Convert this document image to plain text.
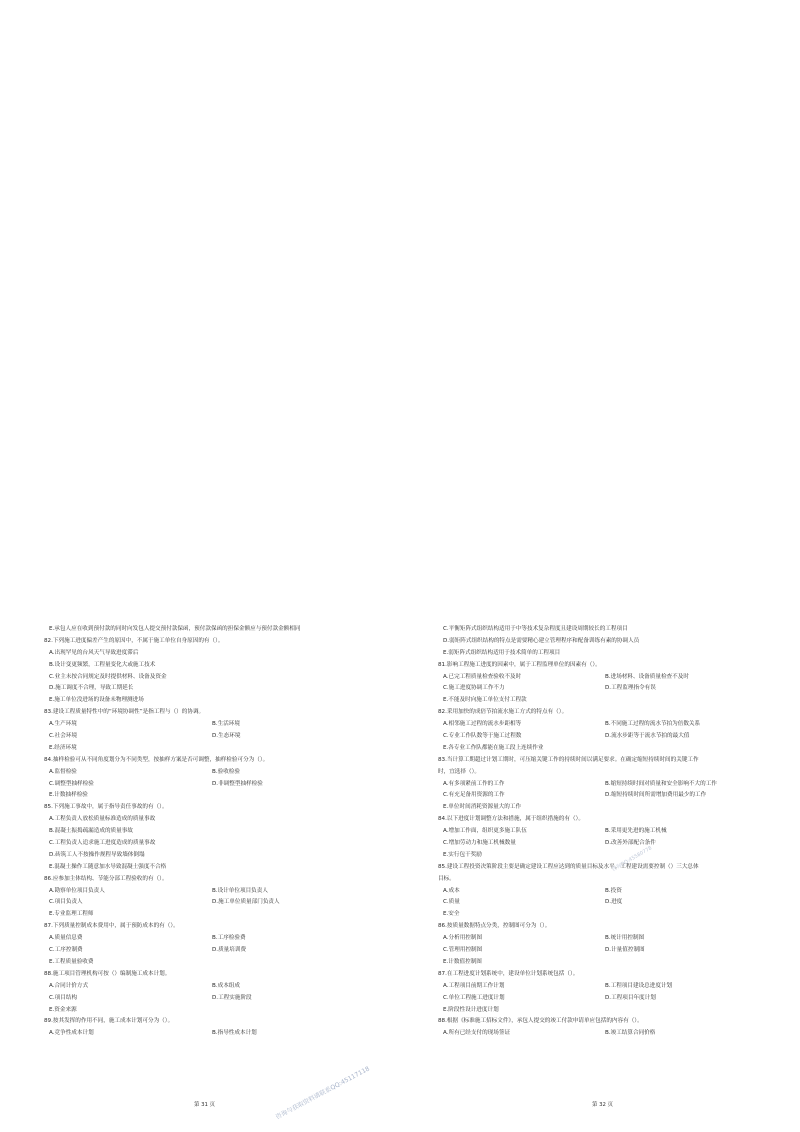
E.承包人应在收到预付款的同时向发包人提交预付款保函，预付款保函的担保金额应与预付款金额相同
82.下列施工进度偏差产生的原因中，不属于施工单位自身原因的有（）。
A.出现罕见的台风天气导致进度滞后
B.设计变更频繁，工程量变化大或施工技术
C.业主未按合同规定及时提供材料、设备及资金
D.施工调度不合理，导致工期延长
E.施工单位没进场的设备未物理测进场
83.建设工程质量特性中的“环境协调性”是指工程与（）的协调。
A.生产环境	B.生活环境
C.社会环境	D.生态环境
E.经济环境
84.抽样检验可从不同角度划分为不同类型，按抽样方案是否可调整，抽样检验可分为（）。
A.监督检验	B.验收检验
C.调整型抽样检验	D.非调整型抽样检验
E.计数抽样检验
85.下列施工事故中，属于指导责任事故的有（）。
A.工程负责人放松质量标准造成的质量事故
B.混凝土振捣疏漏造成的质量事故
C.工程负责人追求施工进度造成的质量事故
D.砖筑工人不按操作规程导致墙体倒塌
E.混凝土操作工随意加水导致混凝土强度不合格
86.应参加主体结构、节能分部工程验收的有（）。
A.勘察单位项目负责人	B.设计单位项目负责人
C.项目负责人	D.施工单位质量部门负责人
E.专业监理工程师
87.下列质量控制成本费用中，属于预防成本的有（）。
A.质量信息费	B.工序检验费
C.工序控制费	D.质量培训费
E.工程质量验收费
88.施工项目管理机构可按（）编制施工成本计划。
A.合同计价方式	B.成本组成
C.项目结构	D.工程实施阶段
E.资金来源
89.按其发挥的作用不同，施工成本计划可分为（）。
A.竞争性成本计划	B.指导性成本计划
C.平衡矩阵式组织结构适用于中等技术复杂程度且建设周期较长的工程项目
D.弱矩阵式组织结构的特点是需要精心建立管理程序和配备训练有素的协调人员
E.弱矩阵式组织结构适用于技术简单的工程项目
81.影响工程施工进度的因素中，属于工程监理单位的因素有（）。
A.已完工程质量检查验收不及时	B.进场材料、设备质量检查不及时
C.施工进度协调工作不力	D.工程监理指令有误
E.不能及时向施工单位支付工程款
82.采用加快的成倍节拍流水施工方式的特点有（）。
A.相邻施工过程的流水步距相等	B.不同施工过程的流水节拍为倍数关系
C.专业工作队数等于施工过程数	D.流水步距等于流水节拍的最大值
E.各专业工作队都能在施工段上连续作业
83.当计算工期超过计划工期时，可压缩关键工作的持续时间以满足要求。在确定缩短持续时间的关键工作
时，宜选择（）。
A.有多项紧前工作的工作	B.缩短持续时间对质量和安全影响不大的工作
C.有充足备用资源的工作	D.缩短持续时间所需增加费用最少的工作
E.单位时间消耗资源量大的工作
84.以下进度计划调整方法和措施，属于组织措施的有（）。
A.增加工作面，组织更多施工队伍	B.采用更先进的施工机械
C.增加劳动力和施工机械数量	D.改善外部配合条件
E.实行包干奖励
85.建设工程投资决策阶段主要是确定建设工程应达到的质量目标及水平。工程建设需要控制（）三大总体
目标。
A.成本	B.投资
C.质量	D.进度
E.安全
86.按质量数据特点分类，控制图可分为（）。
A.分析用控制图	B.统计用控制图
C.管理用控制图	D.计量值控制图
E.计数值控制图
87.在工程进度计划系统中，建设单位计划系统包括（）。
A.工程项目前期工作计划	B.工程项目建设总进度计划
C.单位工程施工进度计划	D.工程项目年度计划
E.阶段性设计进度计划
88.根据《标准施工招标文件》，承包人提交的竣工付款申请单应包括的内容有（）。
A.所有已经支付的现场签证	B.竣工结算合同价格
第 31 页	第 32 页
咨询与获取资料请联系QQ:45117118
咨询QQ:45580778
